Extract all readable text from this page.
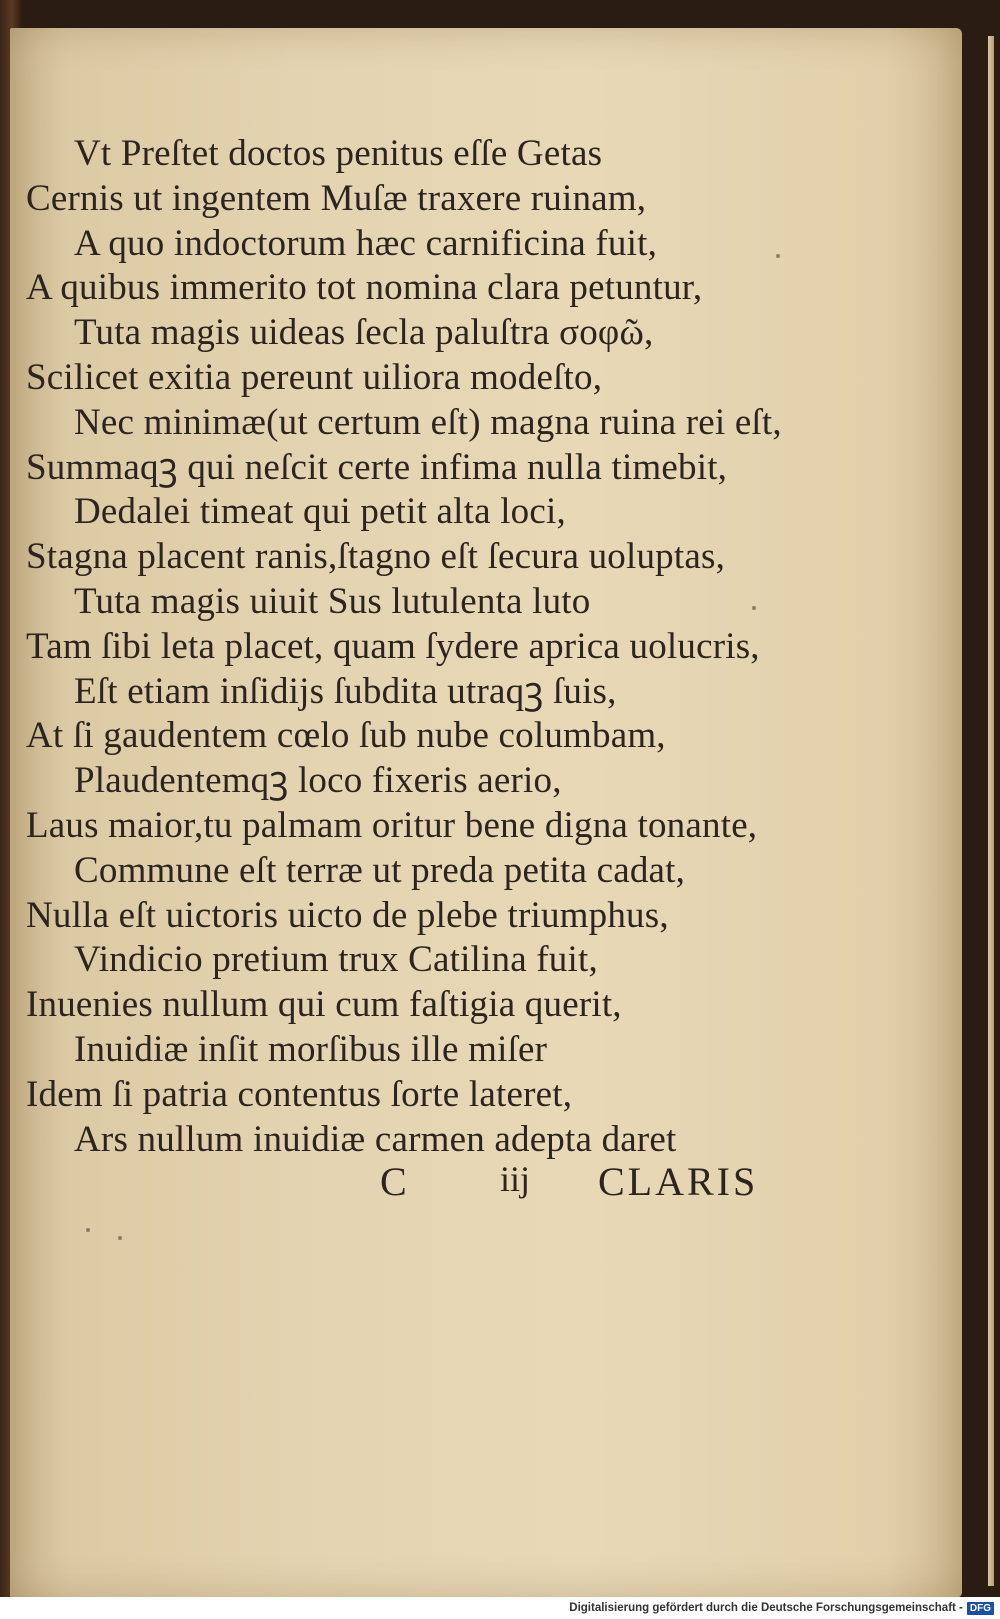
Vt Preſtet doctos penitus eſſe Getas
Cernis ut ingentem Muſæ traxere ruinam,
A quo indoctorum hæc carnificina fuit,
A quibus immerito tot nomina clara petuntur,
Tuta magis uideas ſecla paluſtra σοφῶ,
Scilicet exitia pereunt uiliora modeſto,
Nec minimæ(ut certum eſt) magna ruina rei eſt,
Summaqꝫ qui neſcit certe infima nulla timebit,
Dedalei timeat qui petit alta loci,
Stagna placent ranis,ſtagno eſt ſecura uoluptas,
Tuta magis uiuit Sus lutulenta luto
Tam ſibi leta placet, quam ſydere aprica uolucris,
Eſt etiam inſidijs ſubdita utraqꝫ ſuis,
At ſi gaudentem cœlo ſub nube columbam,
Plaudentemqꝫ loco fixeris aerio,
Laus maior,tu palmam oritur bene digna tonante,
Commune eſt terræ ut preda petita cadat,
Nulla eſt uictoris uicto de plebe triumphus,
Vindicio pretium trux Catilina fuit,
Inuenies nullum qui cum faſtigia querit,
Inuidiæ inſit morſibus ille miſer
Idem ſi patria contentus ſorte lateret,
Ars nullum inuidiæ carmen adepta daret
C	iij CLARIS
Digitalisierung gefördert durch die Deutsche Forschungsgemeinschaft - DFG
